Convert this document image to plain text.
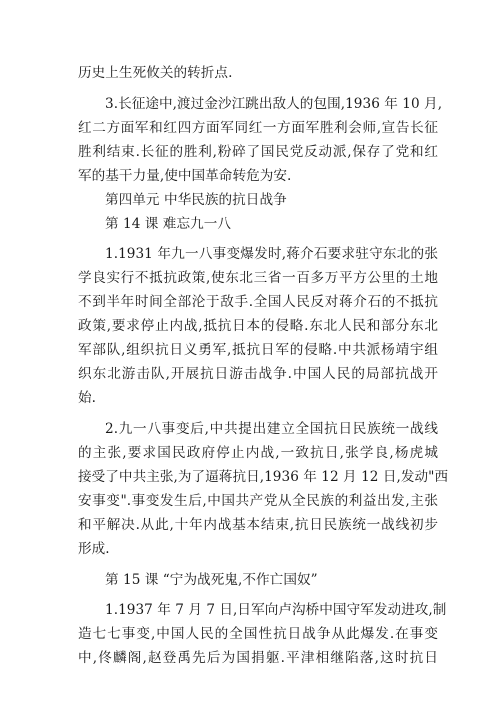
历史上生死攸关的转折点.
3.长征途中,渡过金沙江跳出敌人的包围,1936 年 10 月,
红二方面军和红四方面军同红一方面军胜利会师,宣告长征
胜利结束.长征的胜利,粉碎了国民党反动派,保存了党和红
军的基干力量,使中国革命转危为安.
第四单元 中华民族的抗日战争
第 14 课 难忘九一八
1.1931 年九一八事变爆发时,蒋介石要求驻守东北的张
学良实行不抵抗政策,使东北三省一百多万平方公里的土地
不到半年时间全部沦于敌手.全国人民反对蒋介石的不抵抗
政策,要求停止内战,抵抗日本的侵略.东北人民和部分东北
军部队,组织抗日义勇军,抵抗日军的侵略.中共派杨靖宇组
织东北游击队,开展抗日游击战争.中国人民的局部抗战开
始.
2.九一八事变后,中共提出建立全国抗日民族统一战线
的主张,要求国民政府停止内战,一致抗日,张学良,杨虎城
接受了中共主张,为了逼蒋抗日,1936 年 12 月 12 日,发动"西
安事变".事变发生后,中国共产党从全民族的利益出发,主张
和平解决.从此,十年内战基本结束,抗日民族统一战线初步
形成.
第 15 课 “宁为战死鬼,不作亡国奴”
1.1937 年 7 月 7 日,日军向卢沟桥中国守军发动进攻,制
造七七事变,中国人民的全国性抗日战争从此爆发.在事变
中,佟麟阁,赵登禹先后为国捐躯.平津相继陷落,这时抗日
